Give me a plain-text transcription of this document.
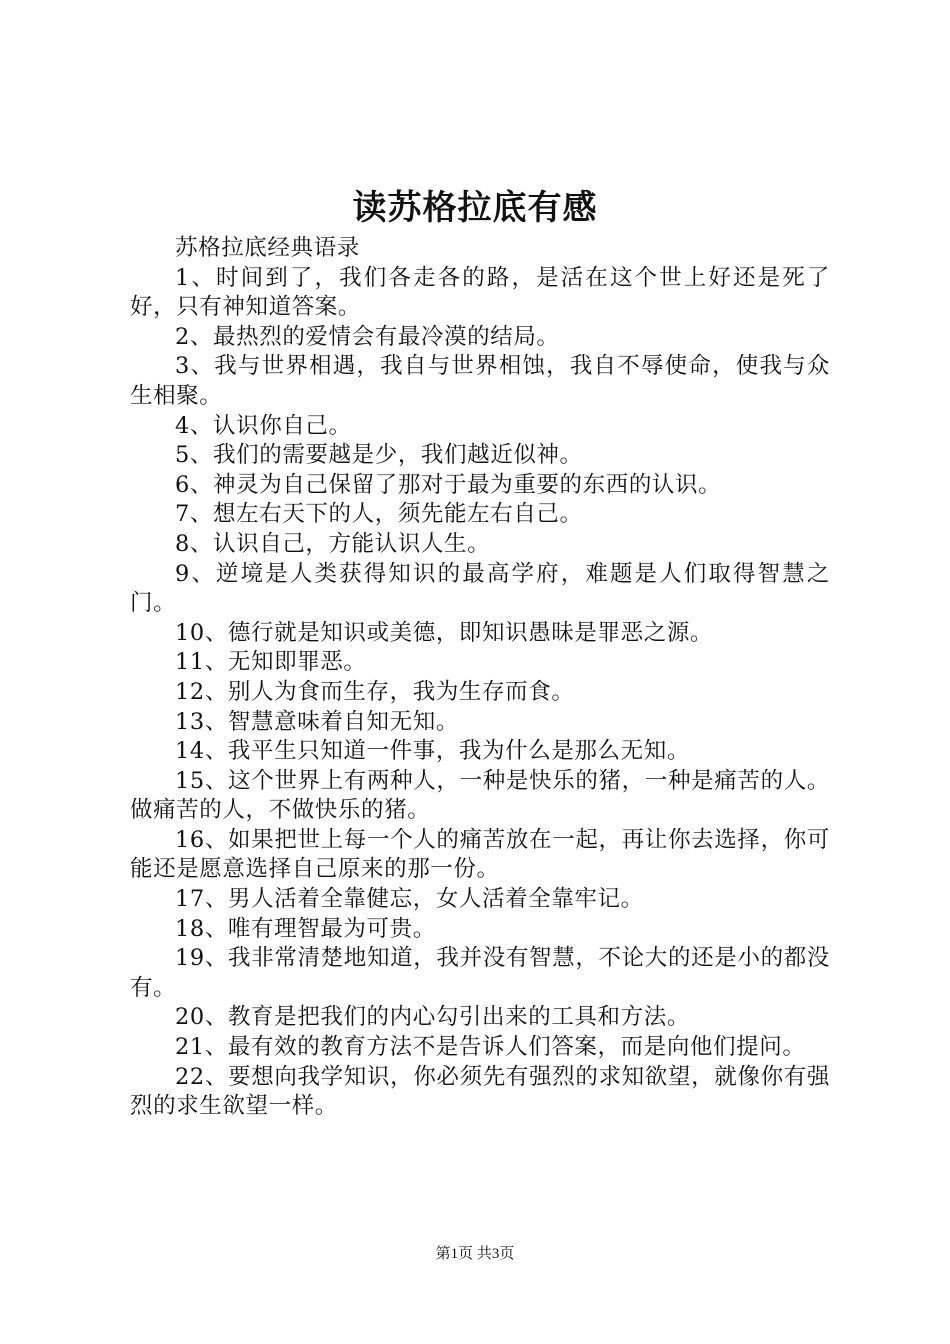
读苏格拉底有感

苏格拉底经典语录

1、时间到了，我们各走各的路，是活在这个世上好还是死了好，只有神知道答案。

2、最热烈的爱情会有最冷漠的结局。

3、我与世界相遇，我自与世界相蚀，我自不辱使命，使我与众生相聚。

4、认识你自己。

5、我们的需要越是少，我们越近似神。

6、神灵为自己保留了那对于最为重要的东西的认识。

7、想左右天下的人，须先能左右自己。

8、认识自己，方能认识人生。

9、逆境是人类获得知识的最高学府，难题是人们取得智慧之门。

10、德行就是知识或美德，即知识愚昧是罪恶之源。

11、无知即罪恶。

12、别人为食而生存，我为生存而食。

13、智慧意味着自知无知。

14、我平生只知道一件事，我为什么是那么无知。

15、这个世界上有两种人，一种是快乐的猪，一种是痛苦的人。做痛苦的人，不做快乐的猪。

16、如果把世上每一个人的痛苦放在一起，再让你去选择，你可能还是愿意选择自己原来的那一份。

17、男人活着全靠健忘，女人活着全靠牢记。

18、唯有理智最为可贵。

19、我非常清楚地知道，我并没有智慧，不论大的还是小的都没有。

20、教育是把我们的内心勾引出来的工具和方法。

21、最有效的教育方法不是告诉人们答案，而是向他们提问。

22、要想向我学知识，你必须先有强烈的求知欲望，就像你有强烈的求生欲望一样。

第1页 共3页
